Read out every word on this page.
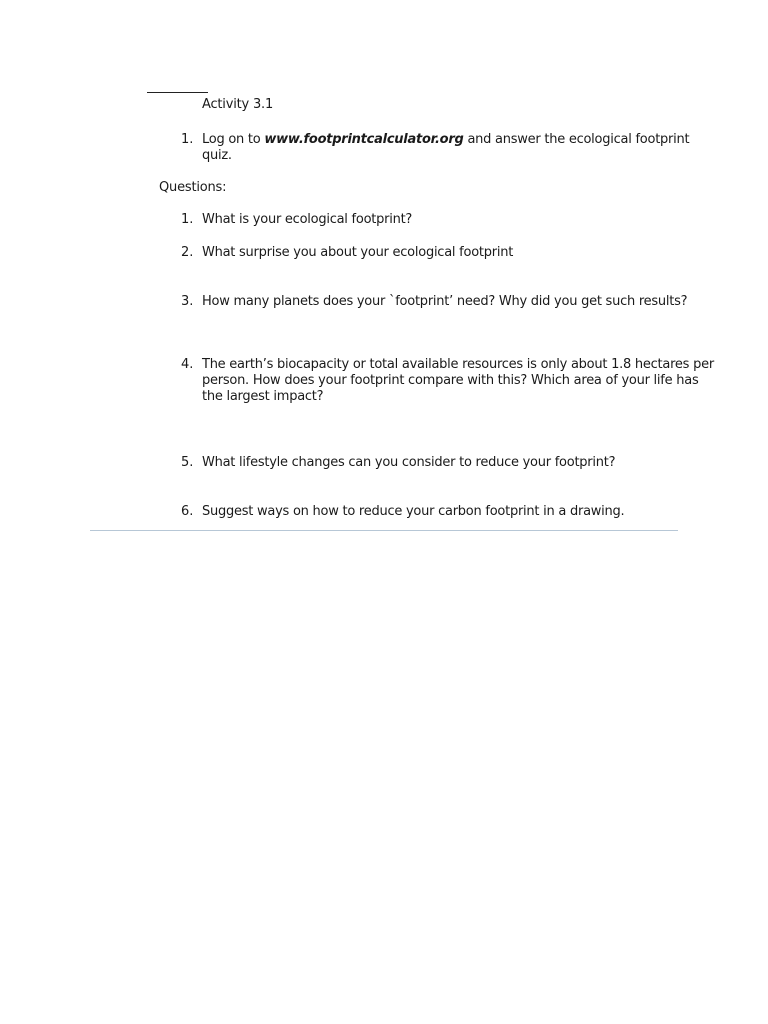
Activity 3.1
1. Log on to www.footprintcalculator.org and answer the ecological footprint
quiz.
Questions:
1. What is your ecological footprint?
2. What surprise you about your ecological footprint
3. How many planets does your `footprint’ need? Why did you get such results?
4. The earth’s biocapacity or total available resources is only about 1.8 hectares per
person. How does your footprint compare with this? Which area of your life has
the largest impact?
5. What lifestyle changes can you consider to reduce your footprint?
6. Suggest ways on how to reduce your carbon footprint in a drawing.
